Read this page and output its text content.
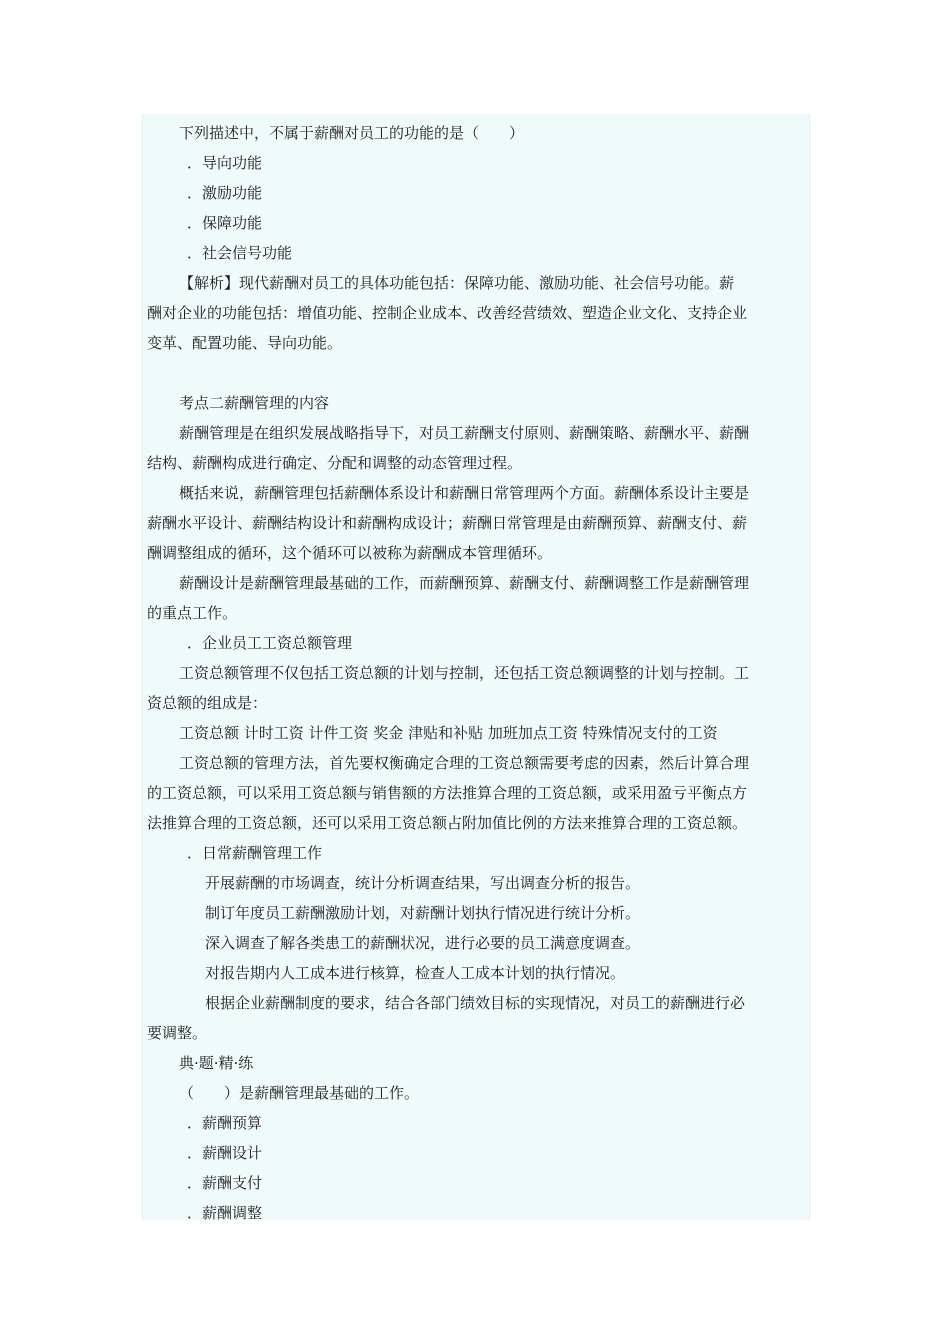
下列描述中，不属于薪酬对员工的功能的是（　　）
．导向功能
．激励功能
．保障功能
．社会信号功能
【解析】现代薪酬对员工的具体功能包括：保障功能、激励功能、社会信号功能。薪
酬对企业的功能包括：增值功能、控制企业成本、改善经营绩效、塑造企业文化、支持企业
变革、配置功能、导向功能。
考点二薪酬管理的内容
薪酬管理是在组织发展战略指导下，对员工薪酬支付原则、薪酬策略、薪酬水平、薪酬
结构、薪酬构成进行确定、分配和调整的动态管理过程。
概括来说，薪酬管理包括薪酬体系设计和薪酬日常管理两个方面。薪酬体系设计主要是
薪酬水平设计、薪酬结构设计和薪酬构成设计；薪酬日常管理是由薪酬预算、薪酬支付、薪
酬调整组成的循环，这个循环可以被称为薪酬成本管理循环。
薪酬设计是薪酬管理最基础的工作，而薪酬预算、薪酬支付、薪酬调整工作是薪酬管理
的重点工作。
．企业员工工资总额管理
工资总额管理不仅包括工资总额的计划与控制，还包括工资总额调整的计划与控制。工
资总额的组成是：
工资总额 计时工资 计件工资 奖金 津贴和补贴 加班加点工资 特殊情况支付的工资
工资总额的管理方法，首先要权衡确定合理的工资总额需要考虑的因素，然后计算合理
的工资总额，可以采用工资总额与销售额的方法推算合理的工资总额，或采用盈亏平衡点方
法推算合理的工资总额，还可以采用工资总额占附加值比例的方法来推算合理的工资总额。
．日常薪酬管理工作
开展薪酬的市场调查，统计分析调查结果，写出调查分析的报告。
制订年度员工薪酬激励计划，对薪酬计划执行情况进行统计分析。
深入调查了解各类患工的薪酬状况，进行必要的员工满意度调查。
对报告期内人工成本进行核算，检查人工成本计划的执行情况。
根据企业薪酬制度的要求，结合各部门绩效目标的实现情况，对员工的薪酬进行必
要调整。
典·题·精·练
（　　）是薪酬管理最基础的工作。
．薪酬预算
．薪酬设计
．薪酬支付
．薪酬调整
